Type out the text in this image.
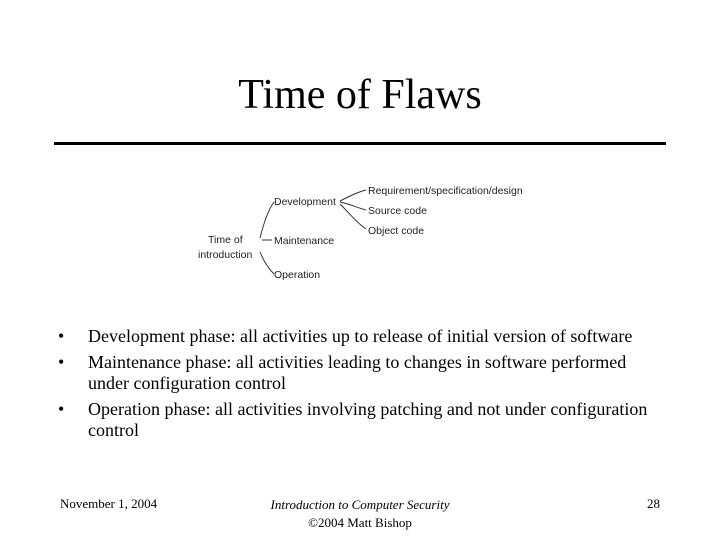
Time of Flaws
Time of
introduction
Development
Maintenance
Operation
Requirement/specification/design
Source code
Object code
•	Development phase: all activities up to release of initial version of software
•	Maintenance phase: all activities leading to changes in software performed under configuration control
•	Operation phase: all activities involving patching and not under configuration control
November 1, 2004	Introduction to Computer Security
©2004 Matt Bishop
28
